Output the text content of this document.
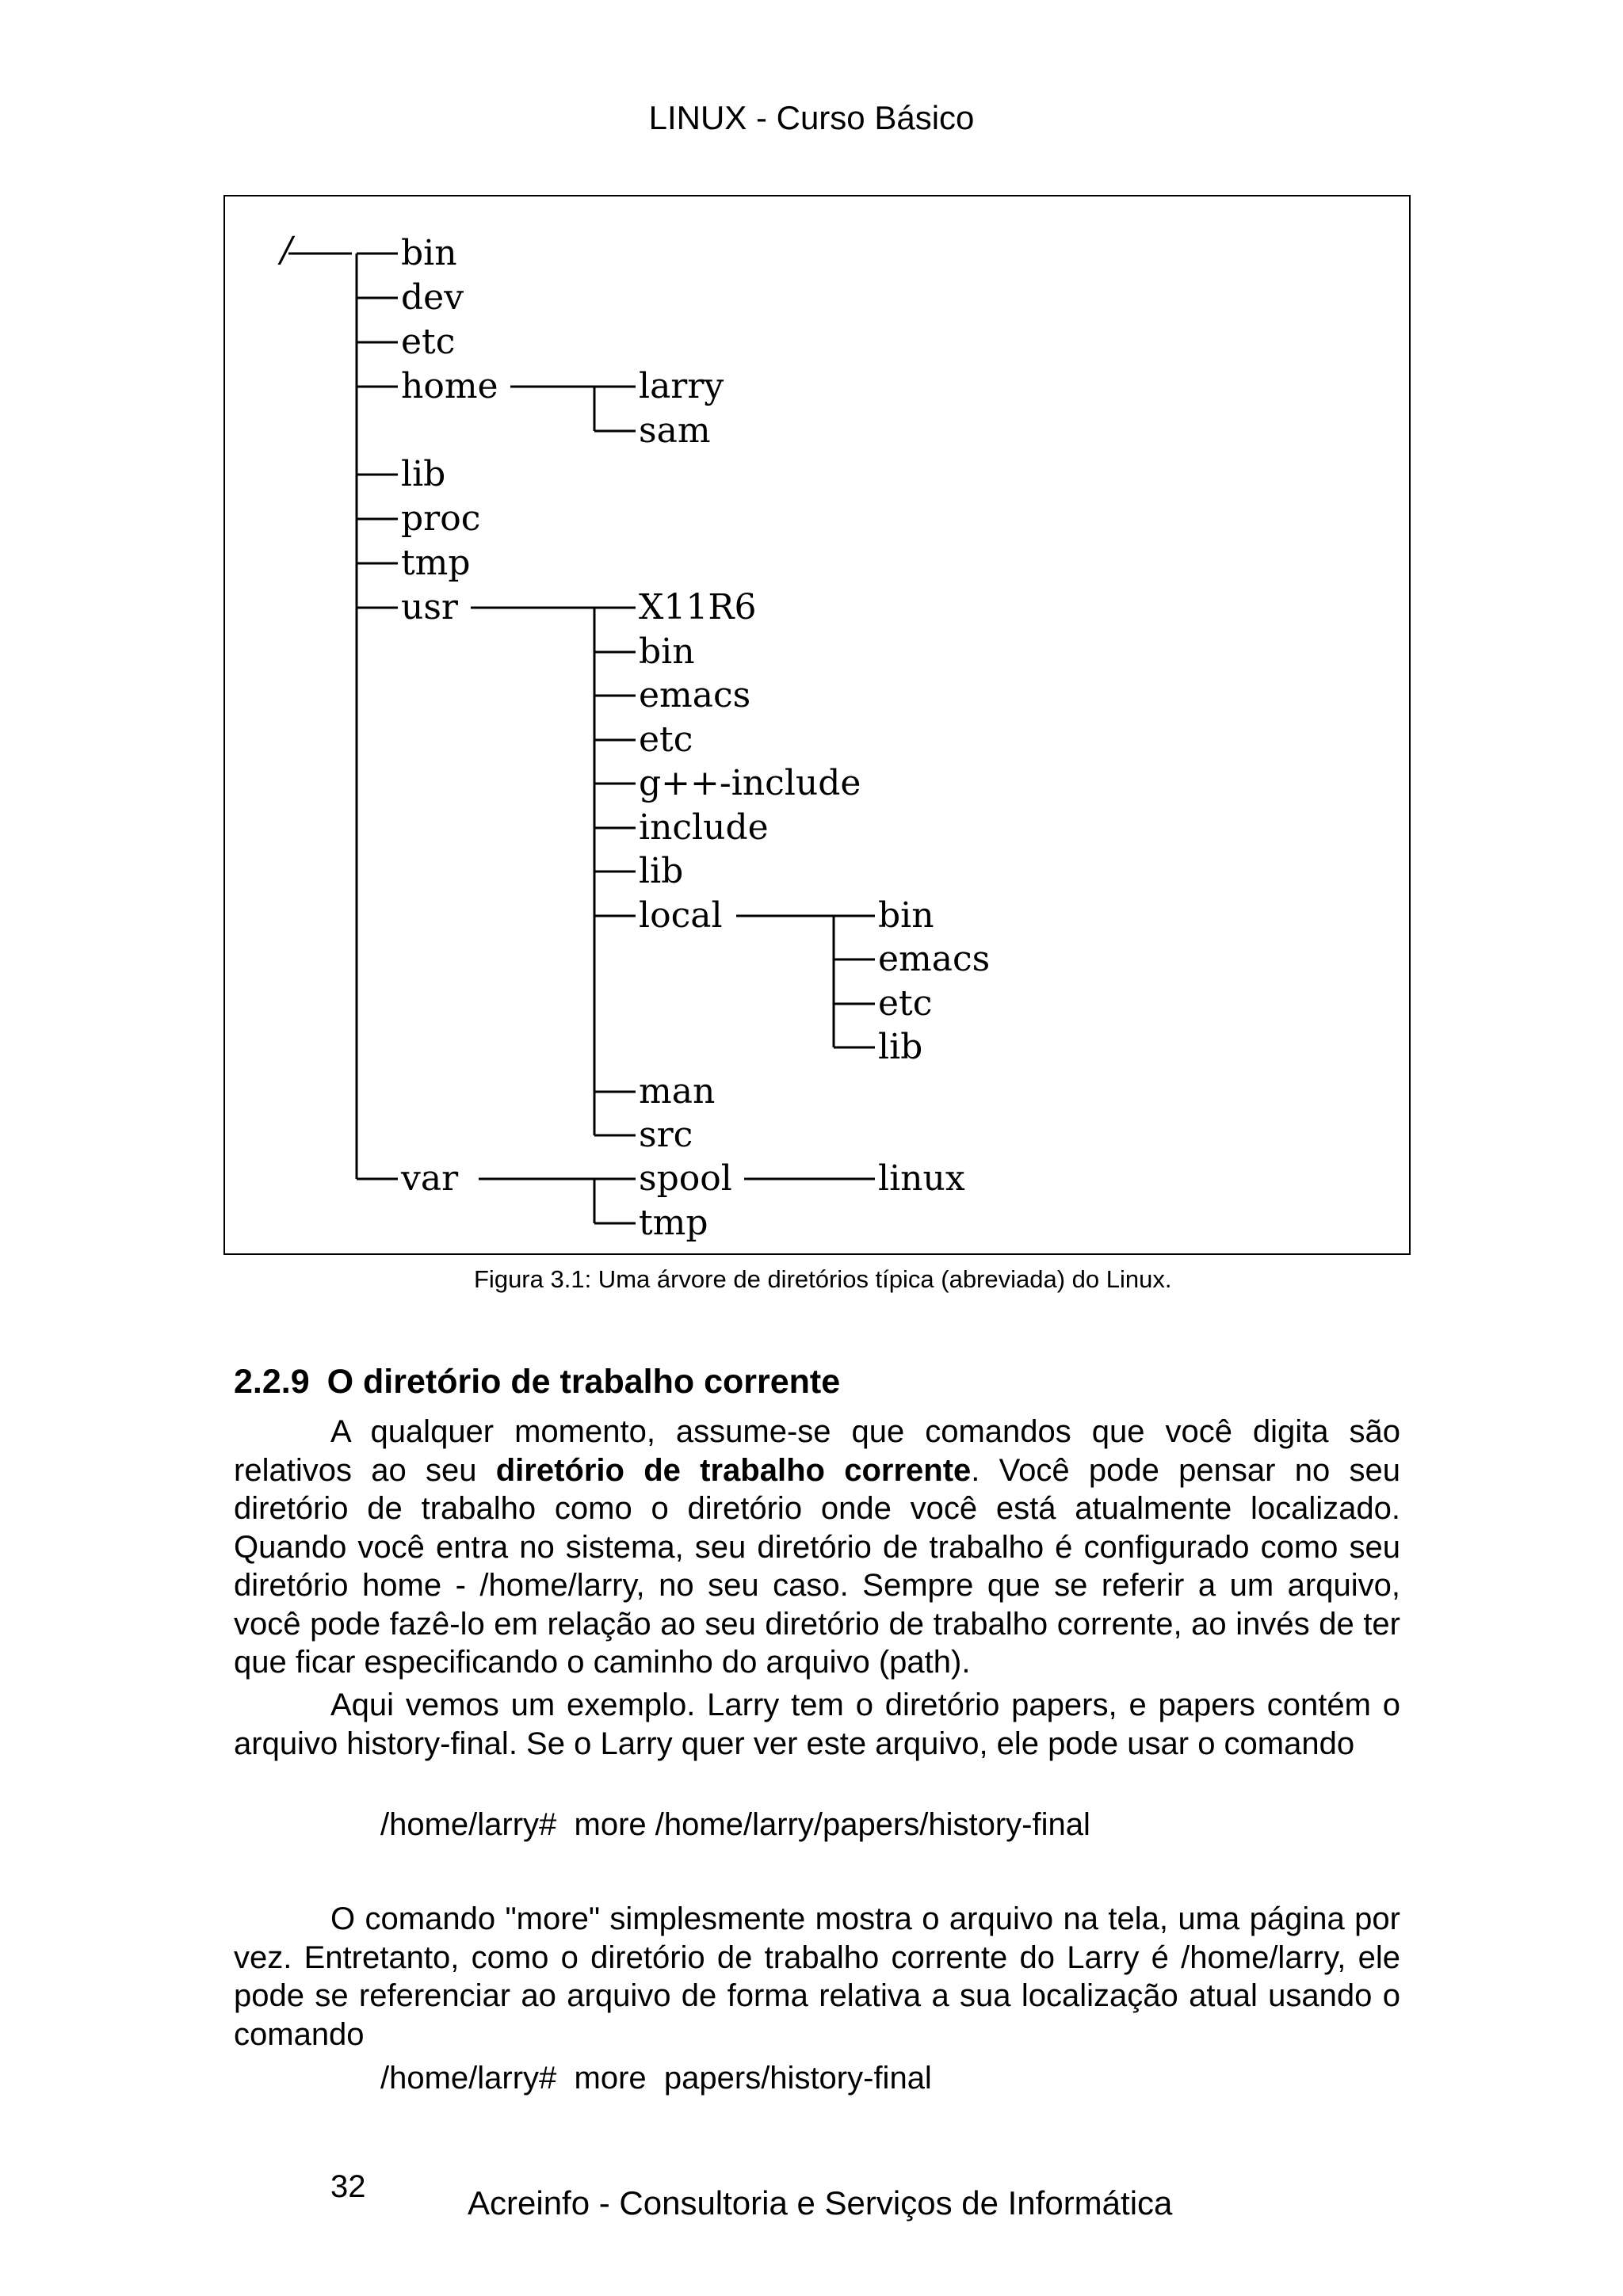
LINUX - Curso Básico
/	bin
dev
etc
home
lib
proc
tmp
usr
var
larry
sam
X11R6
bin
emacs
etc
g++-include
include
lib
local
man
src
bin
emacs
etc
lib
spool
tmp
linux
Figura 3.1: Uma árvore de diretórios típica (abreviada) do Linux.
2.2.9 O diretório de trabalho corrente

A qualquer momento, assume-se que comandos que você digita são relativos ao seu diretório de trabalho corrente. Você pode pensar no seu diretório de trabalho como o diretório onde você está atualmente localizado. Quando você entra no sistema, seu diretório de trabalho é configurado como seu diretório home - /home/larry, no seu caso. Sempre que se referir a um arquivo, você pode fazê-lo em relação ao seu diretório de trabalho corrente, ao invés de ter que ficar especificando o caminho do arquivo (path).

Aqui vemos um exemplo. Larry tem o diretório papers, e papers contém o arquivo history-final. Se o Larry quer ver este arquivo, ele pode usar o comando

/home/larry#  more /home/larry/papers/history-final

O comando "more" simplesmente mostra o arquivo na tela, uma página por vez. Entretanto, como o diretório de trabalho corrente do Larry é /home/larry, ele pode se referenciar ao arquivo de forma relativa a sua localização atual usando o comando

/home/larry#  more  papers/history-final
32	Acreinfo - Consultoria e Serviços de Informática
